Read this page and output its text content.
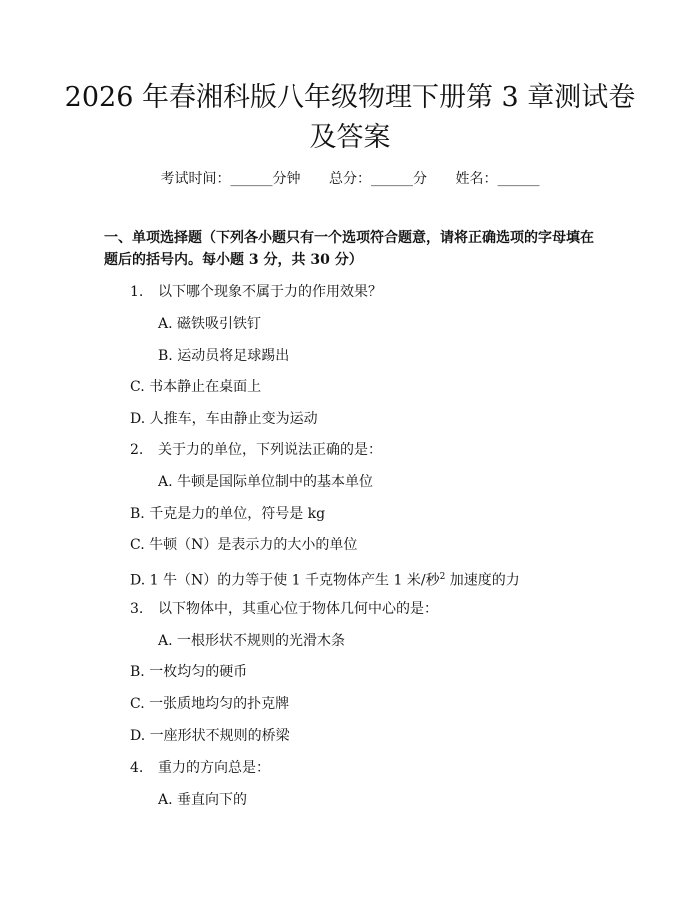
2026 年春湘科版八年级物理下册第 3 章测试卷及答案
考试时间：______分钟 总分：______分 姓名：______
一、单项选择题（下列各小题只有一个选项符合题意，请将正确选项的字母填在题后的括号内。每小题 3 分，共 30 分）
1. 以下哪个现象不属于力的作用效果？
A. 磁铁吸引铁钉
B. 运动员将足球踢出
C. 书本静止在桌面上
D. 人推车，车由静止变为运动
2. 关于力的单位，下列说法正确的是：
A. 牛顿是国际单位制中的基本单位
B. 千克是力的单位，符号是 kg
C. 牛顿（N）是表示力的大小的单位
D. 1 牛（N）的力等于使 1 千克物体产生 1 米/秒$^2$ 加速度的力
3. 以下物体中，其重心位于物体几何中心的是：
A. 一根形状不规则的光滑木条
B. 一枚均匀的硬币
C. 一张质地均匀的扑克牌
D. 一座形状不规则的桥梁
4. 重力的方向总是：
A. 垂直向下的
